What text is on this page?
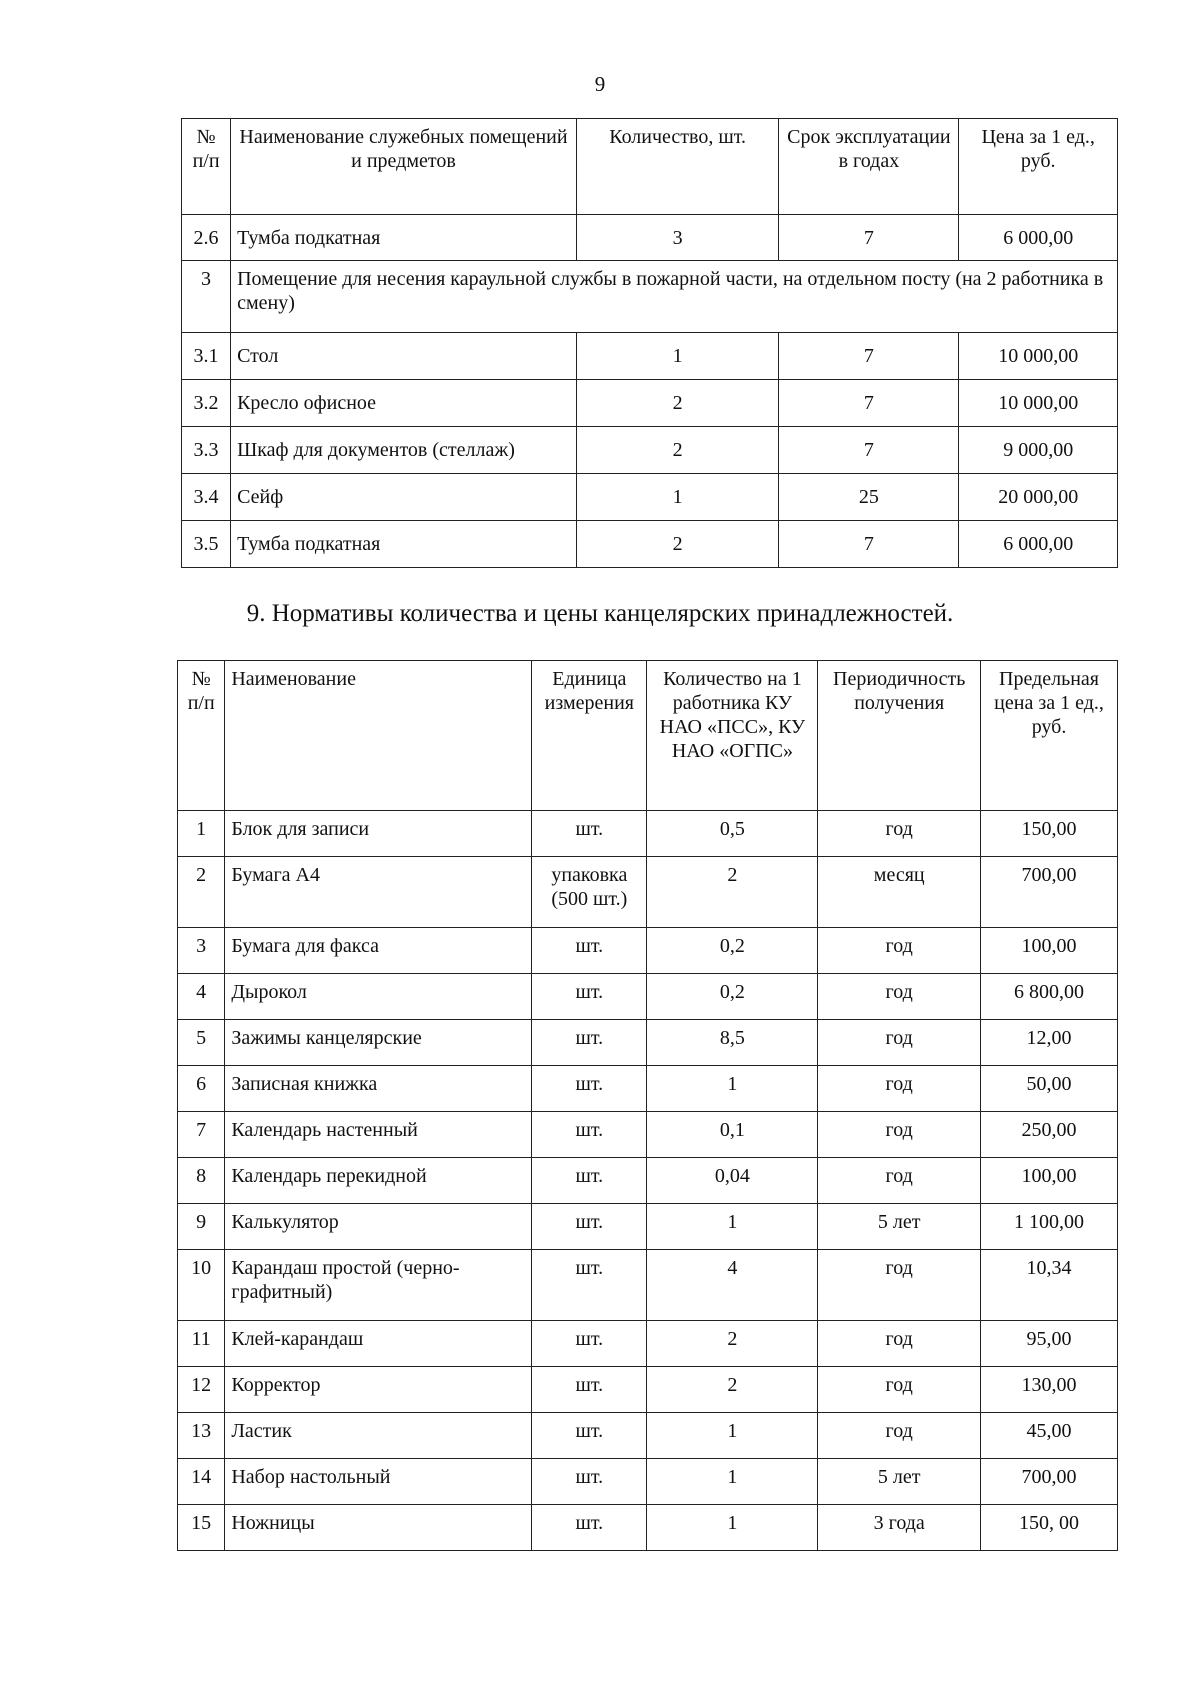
9
№ п/п	Наименование служебных помещений и предметов	Количество, шт.	Срок эксплуатации в годах	Цена за 1 ед., руб.
2.6	Тумба подкатная	3	7	6 000,00
3	Помещение для несения караульной службы в пожарной части, на отдельном посту (на 2 работника в смену)			
3.1	Стол	1	7	10 000,00
3.2	Кресло офисное	2	7	10 000,00
3.3	Шкаф для документов (стеллаж)	2	7	9 000,00
3.4	Сейф	1	25	20 000,00
3.5	Тумба подкатная	2	7	6 000,00
9. Нормативы количества и цены канцелярских принадлежностей.
№ п/п	Наименование	Единица измерения	Количество на 1 работника КУ НАО «ПСС», КУ НАО «ОГПС»	Периодичность получения	Предельная цена за 1 ед., руб.
1	Блок для записи	шт.	0,5	год	150,00
2	Бумага А4	упаковка (500 шт.)	2	месяц	700,00
3	Бумага для факса	шт.	0,2	год	100,00
4	Дырокол	шт.	0,2	год	6 800,00
5	Зажимы канцелярские	шт.	8,5	год	12,00
6	Записная книжка	шт.	1	год	50,00
7	Календарь настенный	шт.	0,1	год	250,00
8	Календарь перекидной	шт.	0,04	год	100,00
9	Калькулятор	шт.	1	5 лет	1 100,00
10	Карандаш простой (черно-графитный)	шт.	4	год	10,34
11	Клей-карандаш	шт.	2	год	95,00
12	Корректор	шт.	2	год	130,00
13	Ластик	шт.	1	год	45,00
14	Набор настольный	шт.	1	5 лет	700,00
15	Ножницы	шт.	1	3 года	150, 00
